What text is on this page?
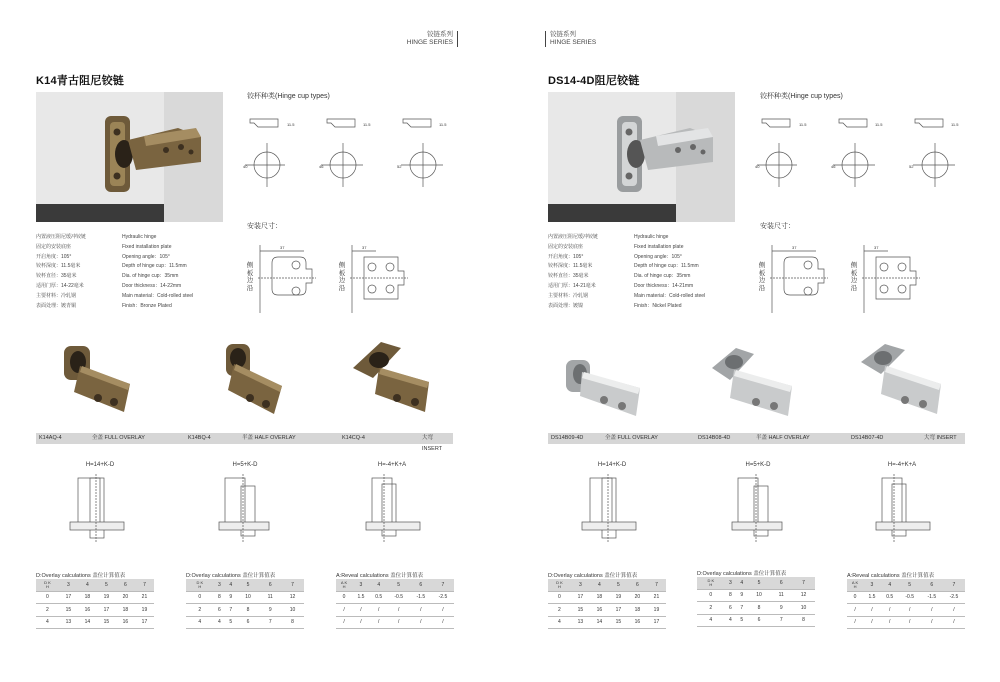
铰链系列
HINGE SERIES
铰链系列
HINGE SERIES
K14青古阻尼铰链
铰杯种类(Hinge cup types)
11.5
40
11.5
46
11.5
52
安装尺寸：
侧板边沿
37
侧板边沿
37
内置液压阻尼缓冲铰链
固定的安装底座
开启角度：105°
铰杯深度：11.5毫米
铰杯直径：35毫米
适用门厚：14-22毫米
主要材料：冷轧钢
表面处理：镀青铜
Hydraulic hinge
Fixed installation plate
Opening angle：105°
Depth of hinge cup：11.5mm
Dia. of hinge cup：35mm
Door thickness：14-22mm
Main material：Cold-rolled steel
Finish：Bronze Plated
K14AQ-4	全盖 FULL OVERLAY	K14BQ-4	半盖 HALF OVERLAY	K14CQ-4	大弯 INSERT
H=14+K-D	H=5+K-D	H=-4+K+A
D:Overlay calculations 盖位计算值表
D K
H	3	4	5	6	7
0	17	18	19	20	21
2	15	16	17	18	19
4	13	14	15	16	17
D:Overlay calculations 盖位计算值表
D K
H	3	4	5	6	7
0	8	9	10	11	12
2	6	7	8	9	10
4	4	5	6	7	8
A:Reveal calculations 盖位计算值表
A K
H	3	4	5	6	7
0	1.5	0.5	-0.5	-1.5	-2.5
/	/	/	/	/	/
/	/	/	/	/	/
DS14-4D阻尼铰链
铰杯种类(Hinge cup types)
11.5
40
11.5
46
11.5
52
安装尺寸：
侧板边沿
37
侧板边沿
37
内置液压阻尼缓冲铰链
固定的安装底座
开启角度：105°
铰杯深度：11.5毫米
铰杯直径：35毫米
适用门厚：14-21毫米
主要材料：冷轧钢
表面处理：镀镍
Hydraulic hinge
Fixed installation plate
Opening angle：105°
Depth of hinge cup：11.5mm
Dia. of hinge cup：35mm
Door thickness：14-21mm
Main material：Cold-rolled steel
Finish：Nickel Plated
DS14B09-4D	全盖 FULL OVERLAY	DS14B08-4D	半盖 HALF OVERLAY	DS14B07-4D	大弯 INSERT
H=14+K-D	H=5+K-D	H=-4+K+A
D:Overlay calculations 盖位计算值表
D K
H	3	4	5	6	7
0	17	18	19	20	21
2	15	16	17	18	19
4	13	14	15	16	17
D:Overlay calculations 盖位计算值表
D K
H	3	4	5	6	7
0	8	9	10	11	12
2	6	7	8	9	10
4	4	5	6	7	8
A:Reveal calculations 盖位计算值表
A K
H	3	4	5	6	7
0	1.5	0.5	-0.5	-1.5	-2.5
/	/	/	/	/	/
/	/	/	/	/	/
